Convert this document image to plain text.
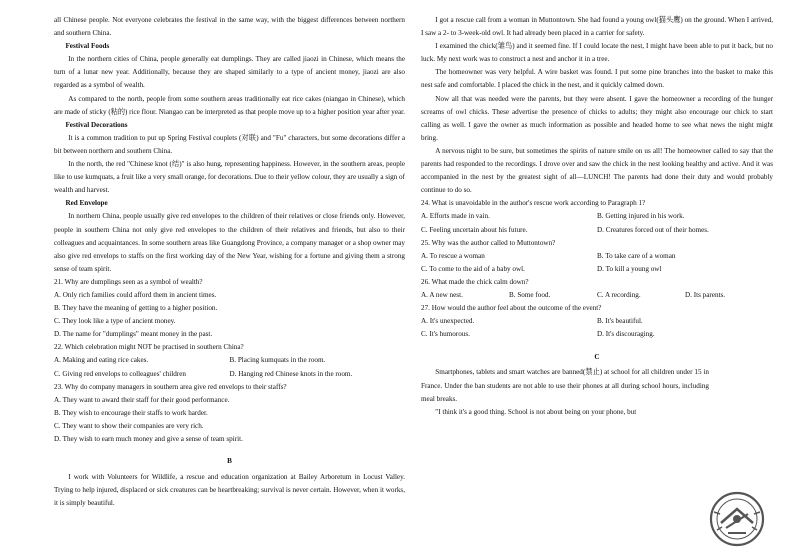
all Chinese people. Not everyone celebrates the festival in the same way, with the biggest differences between northern and southern China.

Festival Foods

In the northern cities of China, people generally eat dumplings. They are called jiaozi in Chinese, which means the turn of a lunar new year. Additionally, because they are shaped similarly to a type of ancient money, jiaozi are also regarded as a symbol of wealth.

As compared to the north, people from some southern areas traditionally eat rice cakes (niangao in Chinese), which are made of sticky (粘的) rice flour. Niangao can be interpreted as that people move up to a higher position year after year.

Festival Decorations

It is a common tradition to put up Spring Festival couplets (对联) and "Fu" characters, but some decorations differ a bit between northern and southern China.

In the north, the red "Chinese knot (结)" is also hung, representing happiness. However, in the southern areas, people like to use kumquats, a fruit like a very small orange, for decorations. Due to their yellow colour, they are usually a sign of wealth and harvest.

Red Envelope

In northern China, people usually give red envelopes to the children of their relatives or close friends only. However, people in southern China not only give red envelopes to the children of their relatives and friends, but also to their colleagues and acquaintances. In some southern areas like Guangdong Province, a company manager or a shop owner may also give red envelops to staffs on the first working day of the New Year, wishing for a fortune and giving them a strong sense of team spirit.

21. Why are dumplings seen as a symbol of wealth?

A. Only rich families could afford them in ancient times.

B. They have the meaning of getting to a higher position.

C. They look like a type of ancient money.

D. The name for "dumplings" meant money in the past.

22. Which celebration might NOT be practised in southern China?

A. Making and eating rice cakes.	B. Placing kumquats in the room.
C. Giving red envelops to colleagues' children	D. Hanging red Chinese knots in the room.

23. Why do company managers in southern area give red envelops to their staffs?

A. They want to award their staff for their good performance.

B. They wish to encourage their staffs to work harder.

C. They want to show their companies are very rich.

D. They wish to earn much money and give a sense of team spirit.

B

I work with Volunteers for Wildlife, a rescue and education organization at Bailey Arboretum in Locust Valley. Trying to help injured, displaced or sick creatures can be heartbreaking; survival is never certain. However, when it works, it is simply beautiful.

I got a rescue call from a woman in Muttontown. She had found a young owl(猫头鹰) on the ground. When I arrived, I saw a 2- to 3-week-old owl. It had already been placed in a carrier for safety.

I examined the chick(雏鸟) and it seemed fine. If I could locate the nest, I might have been able to put it back, but no luck. My next work was to construct a nest and anchor it in a tree.

The homeowner was very helpful. A wire basket was found. I put some pine branches into the basket to make this nest safe and comfortable. I placed the chick in the nest, and it quickly calmed down.

Now all that was needed were the parents, but they were absent. I gave the homeowner a recording of the hunger screams of owl chicks. These advertise the presence of chicks to adults; they might also encourage our chick to start calling as well. I gave the owner as much information as possible and headed home to see what news the night might bring.

A nervous night to be sure, but sometimes the spirits of nature smile on us all! The homeowner called to say that the parents had responded to the recordings. I drove over and saw the chick in the nest looking healthy and active. And it was accompanied in the nest by the greatest sight of all—LUNCH! The parents had done their duty and would probably continue to do so.

24. What is unavoidable in the author's rescue work according to Paragraph 1?

A. Efforts made in vain.	B. Getting injured in his work.
C. Feeling uncertain about his future.	D. Creatures forced out of their homes.

25. Why was the author called to Muttontown?

A. To rescue a woman	B. To take care of a woman
C. To come to the aid of a baby owl.	D. To kill a young owl

26. What made the chick calm down?

A. A new nest.	B. Some food.	C. A recording.	D. Its parents.

27. How would the author feel about the outcome of the event?

A. It's unexpected.	B. It's beautiful.
C. It's humorous.	D. It's discouraging.

C

Smartphones, tablets and smart watches are banned(禁止) at school for all children under 15 in France. Under the ban students are not able to use their phones at all during school hours, including meal breaks.

"I think it's a good thing. School is not about being on your phone, but
